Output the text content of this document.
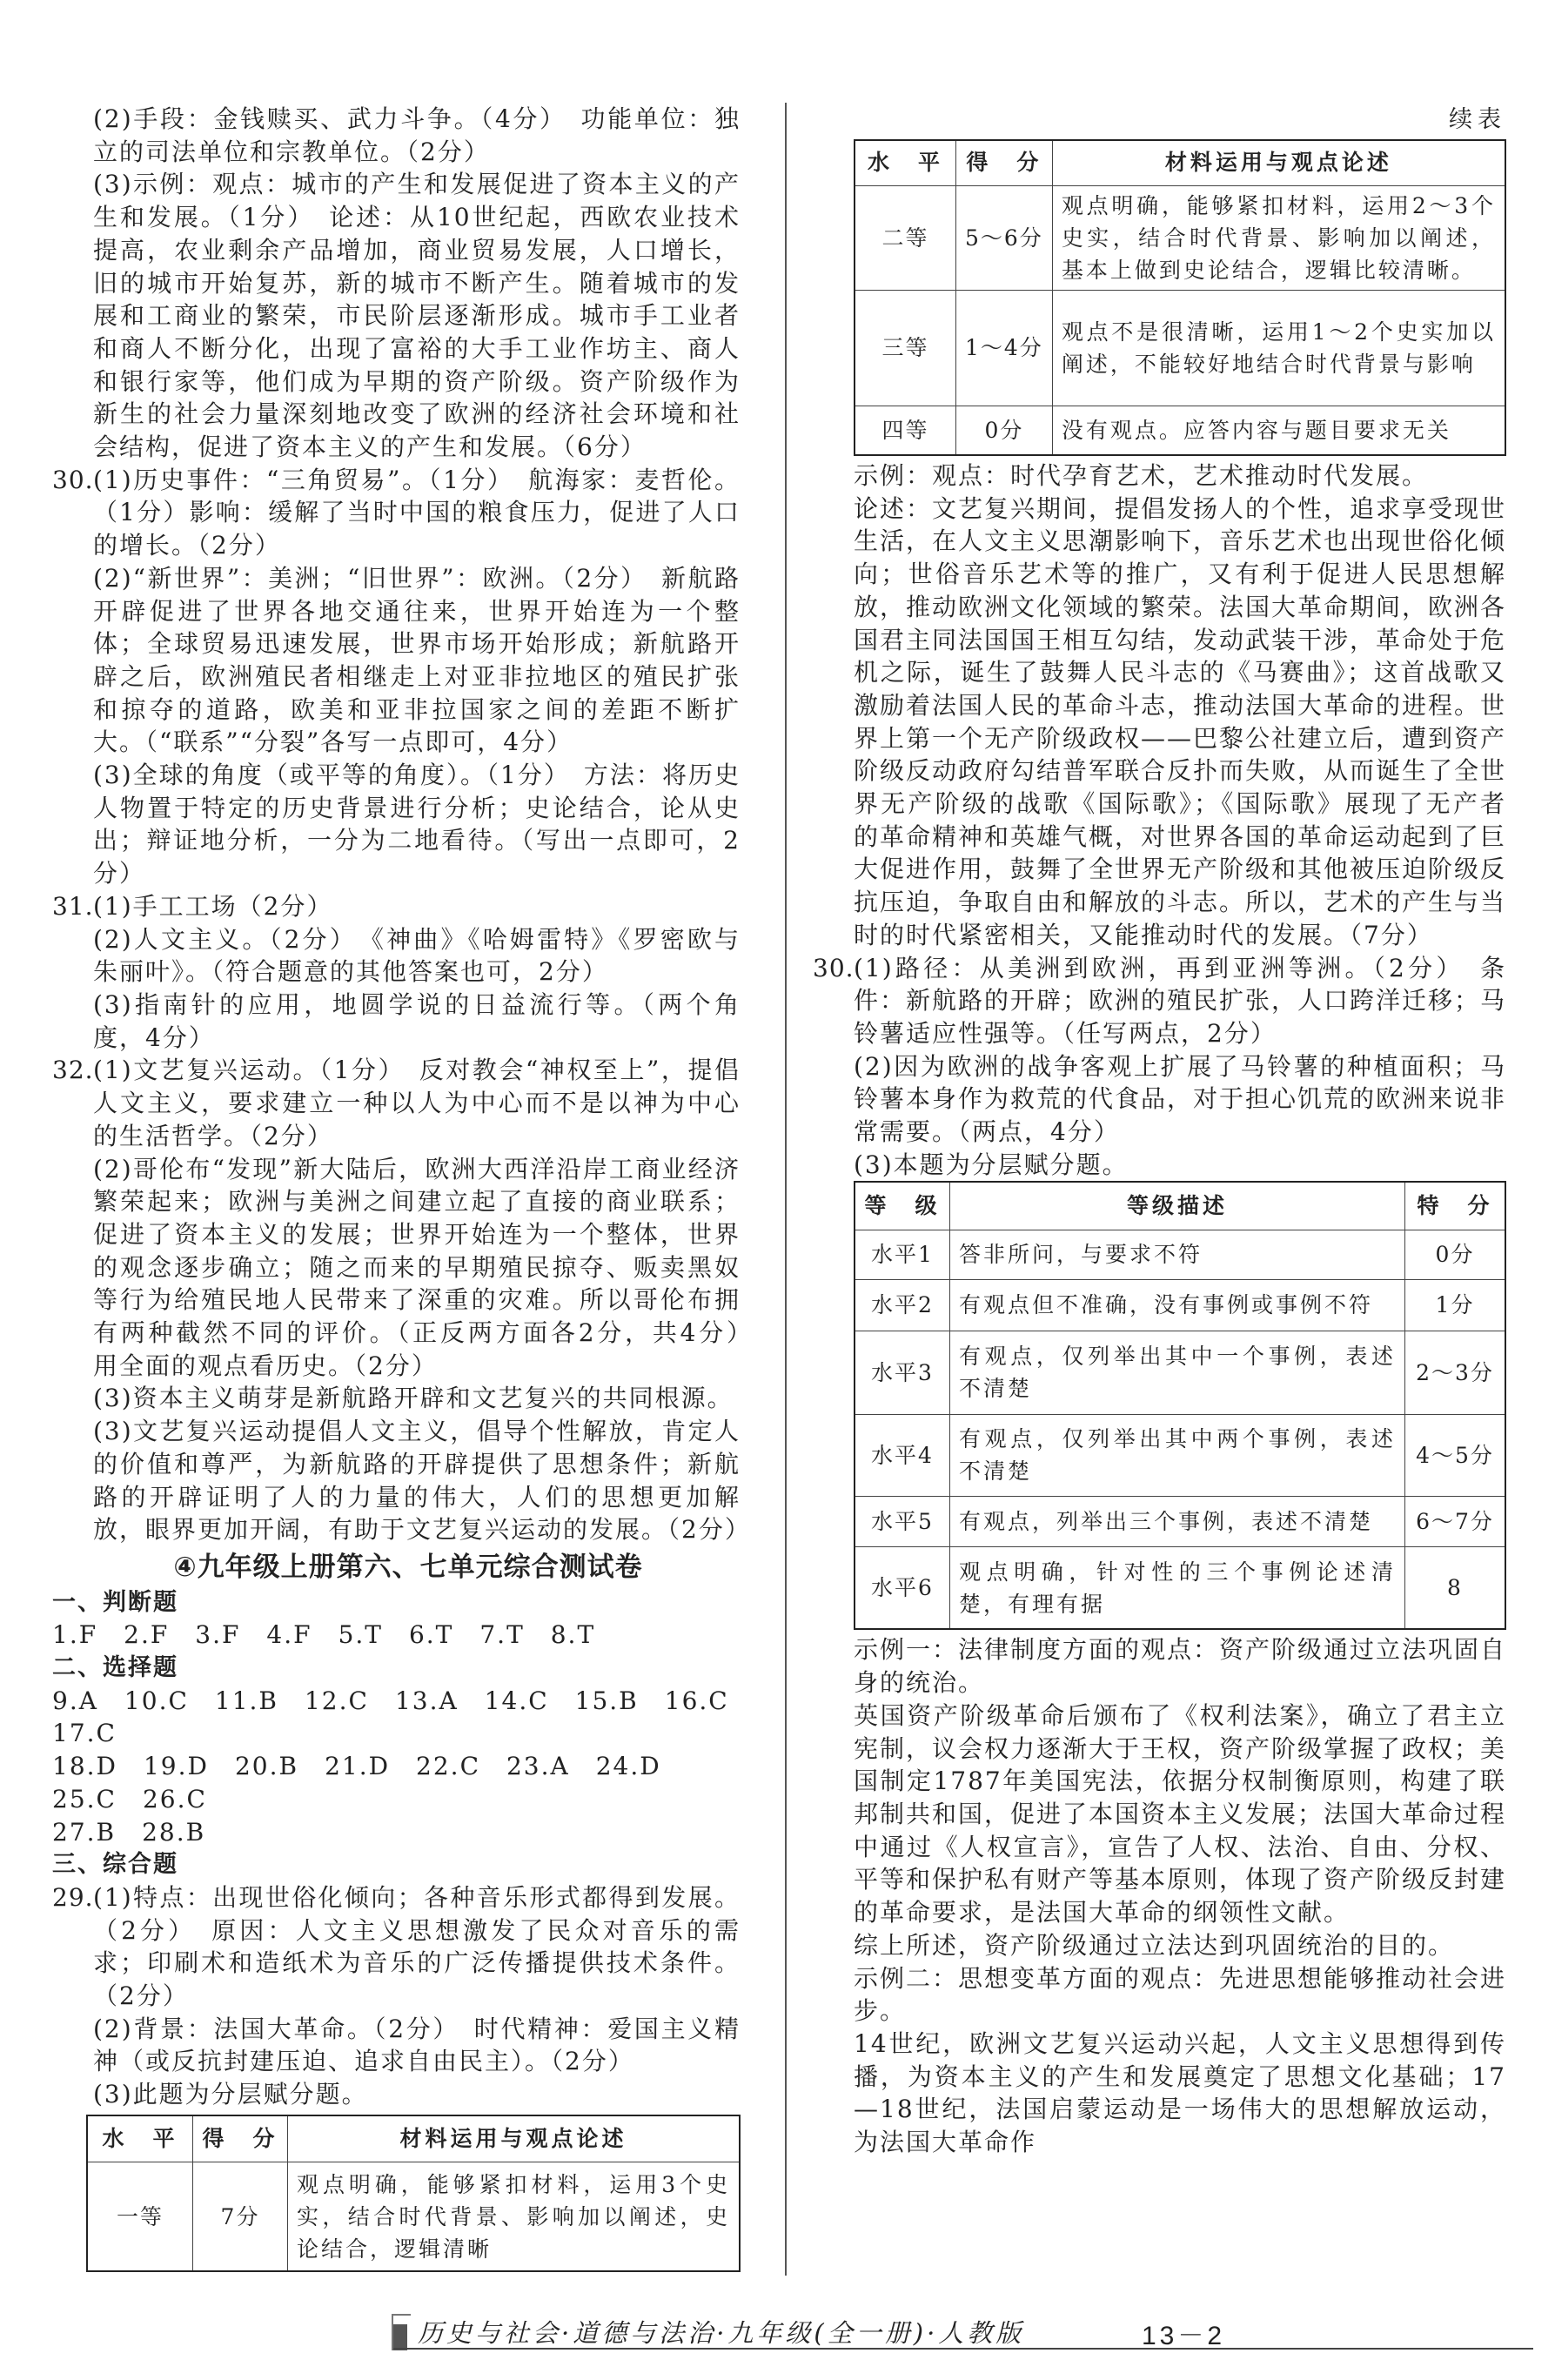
(2)手段：金钱赎买、武力斗争。（4分）　功能单位：独立的司法单位和宗教单位。（2分）

(3)示例：观点：城市的产生和发展促进了资本主义的产生和发展。（1分）　论述：从10世纪起，西欧农业技术提高，农业剩余产品增加，商业贸易发展，人口增长，旧的城市开始复苏，新的城市不断产生。随着城市的发展和工商业的繁荣，市民阶层逐渐形成。城市手工业者和商人不断分化，出现了富裕的大手工业作坊主、商人和银行家等，他们成为早期的资产阶级。资产阶级作为新生的社会力量深刻地改变了欧洲的经济社会环境和社会结构，促进了资本主义的产生和发展。（6分）

30. (1)历史事件：“三角贸易”。（1分）　航海家：麦哲伦。（1分）影响：缓解了当时中国的粮食压力，促进了人口的增长。（2分）

(2)“新世界”：美洲；“旧世界”：欧洲。（2分）　新航路开辟促进了世界各地交通往来，世界开始连为一个整体；全球贸易迅速发展，世界市场开始形成；新航路开辟之后，欧洲殖民者相继走上对亚非拉地区的殖民扩张和掠夺的道路，欧美和亚非拉国家之间的差距不断扩大。（“联系”“分裂”各写一点即可，4分）

(3)全球的角度（或平等的角度）。（1分）　方法：将历史人物置于特定的历史背景进行分析；史论结合，论从史出；辩证地分析，一分为二地看待。（写出一点即可，2分）

31. (1)手工工场（2分）

(2)人文主义。（2分）　《神曲》《哈姆雷特》《罗密欧与朱丽叶》。（符合题意的其他答案也可，2分）

(3)指南针的应用，地圆学说的日益流行等。（两个角度，4分）

32. (1)文艺复兴运动。（1分）　反对教会“神权至上”，提倡人文主义，要求建立一种以人为中心而不是以神为中心的生活哲学。（2分）

(2)哥伦布“发现”新大陆后，欧洲大西洋沿岸工商业经济繁荣起来；欧洲与美洲之间建立起了直接的商业联系；促进了资本主义的发展；世界开始连为一个整体，世界的观念逐步确立；随之而来的早期殖民掠夺、贩卖黑奴等行为给殖民地人民带来了深重的灾难。所以哥伦布拥有两种截然不同的评价。（正反两方面各2分，共4分）　用全面的观点看历史。（2分）

(3)资本主义萌芽是新航路开辟和文艺复兴的共同根源。

(3)文艺复兴运动提倡人文主义，倡导个性解放，肯定人的价值和尊严，为新航路的开辟提供了思想条件；新航路的开辟证明了人的力量的伟大，人们的思想更加解放，眼界更加开阔，有助于文艺复兴运动的发展。（2分）

④九年级上册第六、七单元综合测试卷

一、判断题

1.F　2.F　3.F　4.F　5.T　6.T　7.T　8.T

二、选择题

9.A　10.C　11.B　12.C　13.A　14.C　15.B　16.C　17.C

18.D　19.D　20.B　21.D　22.C　23.A　24.D　25.C　26.C

27.B　28.B

三、综合题

29. (1)特点：出现世俗化倾向；各种音乐形式都得到发展。（2分）　原因：人文主义思想激发了民众对音乐的需求；印刷术和造纸术为音乐的广泛传播提供技术条件。（2分）

(2)背景：法国大革命。（2分）　时代精神：爱国主义精神（或反抗封建压迫、追求自由民主）。（2分）

(3)此题为分层赋分题。

水　平	得　分	材料运用与观点论述
一等	7分	观点明确，能够紧扣材料，运用3个史实，结合时代背景、影响加以阐述，史论结合，逻辑清晰
续表
水　平	得　分	材料运用与观点论述
二等	5～6分	观点明确，能够紧扣材料，运用2～3个史实，结合时代背景、影响加以阐述，基本上做到史论结合，逻辑比较清晰。
三等	1～4分	观点不是很清晰，运用1～2个史实加以阐述，不能较好地结合时代背景与影响
四等	0分	没有观点。应答内容与题目要求无关

示例：观点：时代孕育艺术，艺术推动时代发展。

论述：文艺复兴期间，提倡发扬人的个性，追求享受现世生活，在人文主义思潮影响下，音乐艺术也出现世俗化倾向；世俗音乐艺术等的推广，又有利于促进人民思想解放，推动欧洲文化领域的繁荣。法国大革命期间，欧洲各国君主同法国国王相互勾结，发动武装干涉，革命处于危机之际，诞生了鼓舞人民斗志的《马赛曲》；这首战歌又激励着法国人民的革命斗志，推动法国大革命的进程。世界上第一个无产阶级政权——巴黎公社建立后，遭到资产阶级反动政府勾结普军联合反扑而失败，从而诞生了全世界无产阶级的战歌《国际歌》；《国际歌》展现了无产者的革命精神和英雄气概，对世界各国的革命运动起到了巨大促进作用，鼓舞了全世界无产阶级和其他被压迫阶级反抗压迫，争取自由和解放的斗志。所以，艺术的产生与当时的时代紧密相关，又能推动时代的发展。（7分）

30. (1)路径：从美洲到欧洲，再到亚洲等洲。（2分）　条件：新航路的开辟；欧洲的殖民扩张，人口跨洋迁移；马铃薯适应性强等。（任写两点，2分）

(2)因为欧洲的战争客观上扩展了马铃薯的种植面积；马铃薯本身作为救荒的代食品，对于担心饥荒的欧洲来说非常需要。（两点，4分）

(3)本题为分层赋分题。

等　级	等级描述	特　分
水平1	答非所问，与要求不符	0分
水平2	有观点但不准确，没有事例或事例不符	1分
水平3	有观点，仅列举出其中一个事例，表述不清楚	2～3分
水平4	有观点，仅列举出其中两个事例，表述不清楚	4～5分
水平5	有观点，列举出三个事例，表述不清楚	6～7分
水平6	观点明确，针对性的三个事例论述清楚，有理有据	8

示例一：法律制度方面的观点：资产阶级通过立法巩固自身的统治。

英国资产阶级革命后颁布了《权利法案》，确立了君主立宪制，议会权力逐渐大于王权，资产阶级掌握了政权；美国制定1787年美国宪法，依据分权制衡原则，构建了联邦制共和国，促进了本国资本主义发展；法国大革命过程中通过《人权宣言》，宣告了人权、法治、自由、分权、平等和保护私有财产等基本原则，体现了资产阶级反封建的革命要求，是法国大革命的纲领性文献。

综上所述，资产阶级通过立法达到巩固统治的目的。

示例二：思想变革方面的观点：先进思想能够推动社会进步。

14世纪，欧洲文艺复兴运动兴起，人文主义思想得到传播，为资本主义的产生和发展奠定了思想文化基础；17—18世纪，法国启蒙运动是一场伟大的思想解放运动，为法国大革命作

历史与社会·道德与法治·九年级(全一册)·人教版	13－2
